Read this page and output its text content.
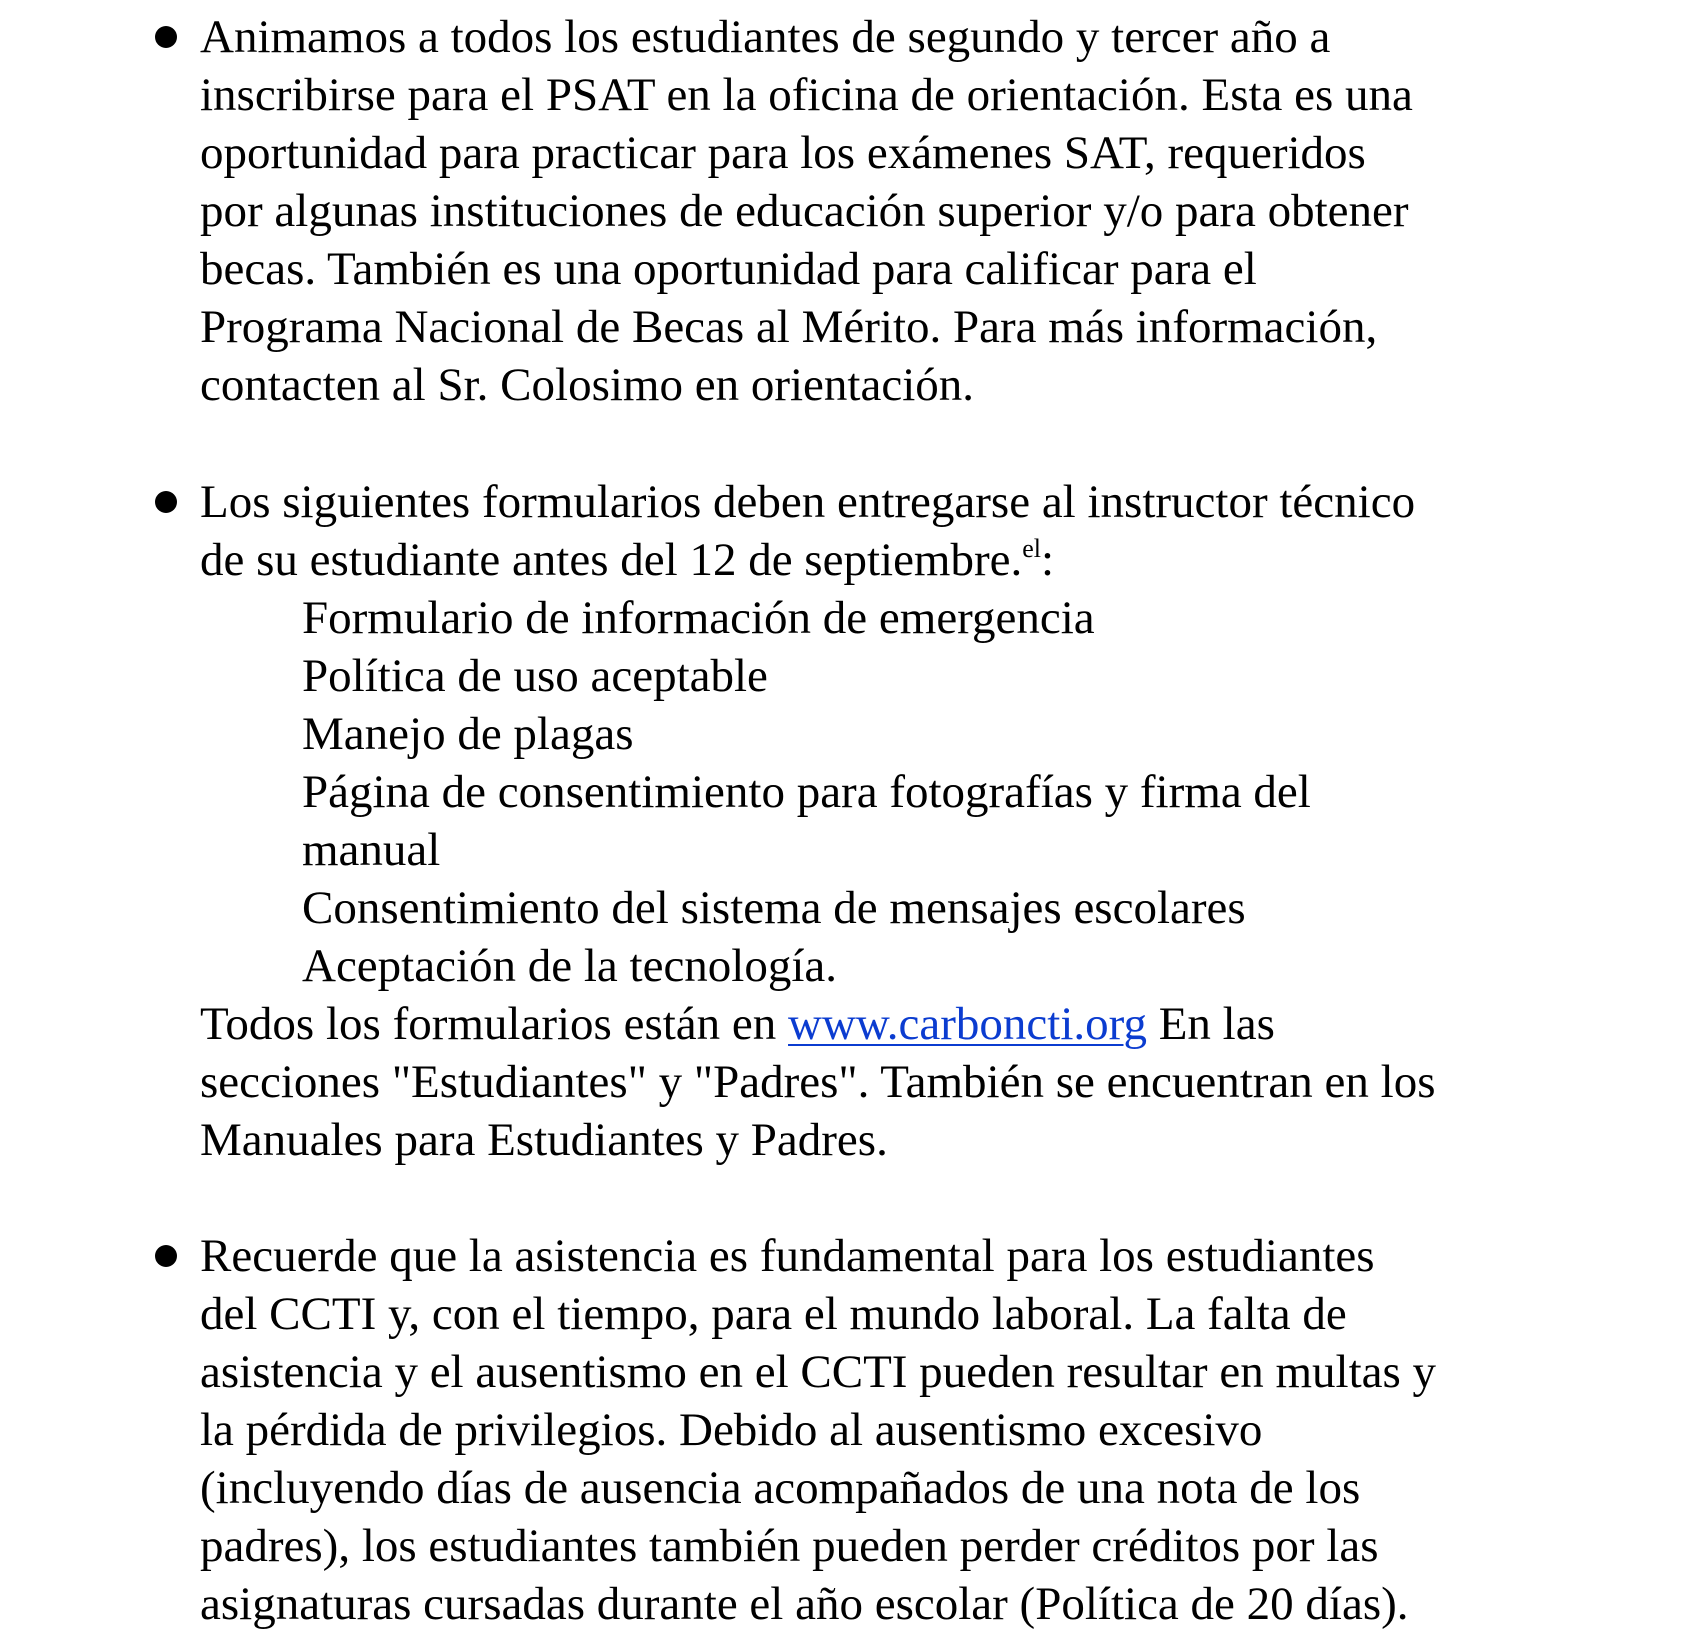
Animamos a todos los estudiantes de segundo y tercer año a
inscribirse para el PSAT en la oficina de orientación. Esta es una
oportunidad para practicar para los exámenes SAT, requeridos
por algunas instituciones de educación superior y/o para obtener
becas. También es una oportunidad para calificar para el
Programa Nacional de Becas al Mérito. Para más información,
contacten al Sr. Colosimo en orientación.
Los siguientes formularios deben entregarse al instructor técnico
de su estudiante antes del 12 de septiembre.$^{el}$:
Formulario de información de emergencia
Política de uso aceptable
Manejo de plagas
Página de consentimiento para fotografías y firma del
manual
Consentimiento del sistema de mensajes escolares
Aceptación de la tecnología.
Todos los formularios están en www.carboncti.org En las
secciones "Estudiantes" y "Padres". También se encuentran en los
Manuales para Estudiantes y Padres.
Recuerde que la asistencia es fundamental para los estudiantes
del CCTI y, con el tiempo, para el mundo laboral. La falta de
asistencia y el ausentismo en el CCTI pueden resultar en multas y
la pérdida de privilegios. Debido al ausentismo excesivo
(incluyendo días de ausencia acompañados de una nota de los
padres), los estudiantes también pueden perder créditos por las
asignaturas cursadas durante el año escolar (Política de 20 días).
